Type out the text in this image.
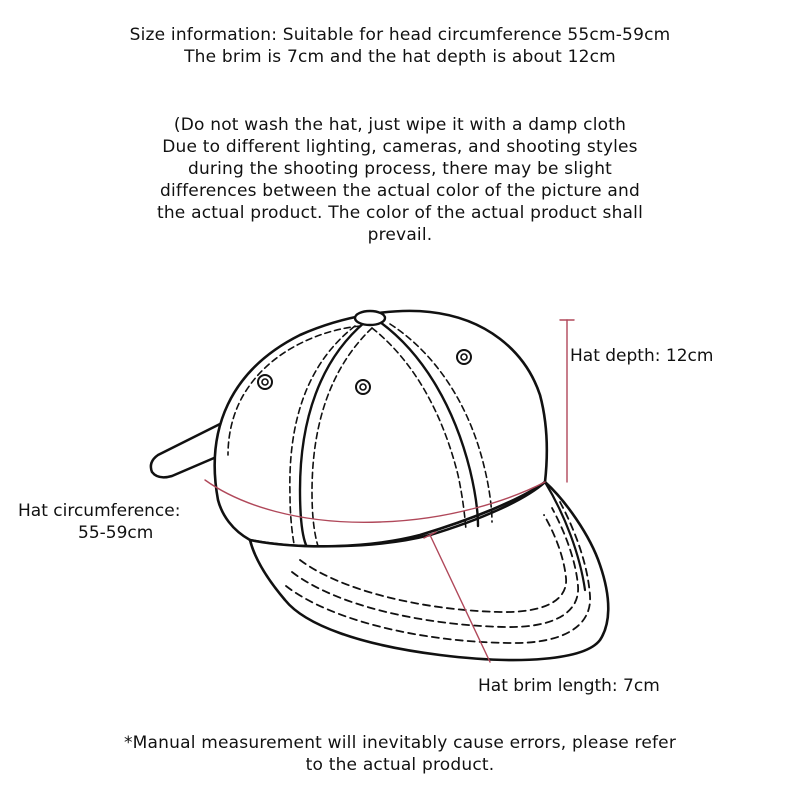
Size information: Suitable for head circumference 55cm-59cm
The brim is 7cm and the hat depth is about 12cm
(Do not wash the hat, just wipe it with a damp cloth
Due to different lighting, cameras, and shooting styles
during the shooting process, there may be slight
differences between the actual color of the picture and
the actual product. The color of the actual product shall
prevail.
Hat depth: 12cm
Hat circumference:
55-59cm
Hat brim length: 7cm
*Manual measurement will inevitably cause errors, please refer
to the actual product.
